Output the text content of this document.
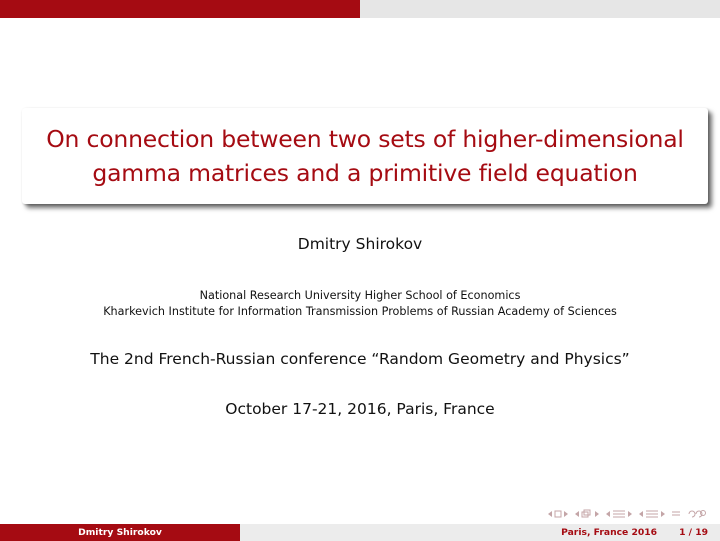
On connection between two sets of higher-dimensional
gamma matrices and a primitive field equation
Dmitry Shirokov
National Research University Higher School of Economics
Kharkevich Institute for Information Transmission Problems of Russian Academy of Sciences
The 2nd French-Russian conference “Random Geometry and Physics”
October 17-21, 2016, Paris, France
Dmitry Shirokov	Paris, France 2016 1 / 19
